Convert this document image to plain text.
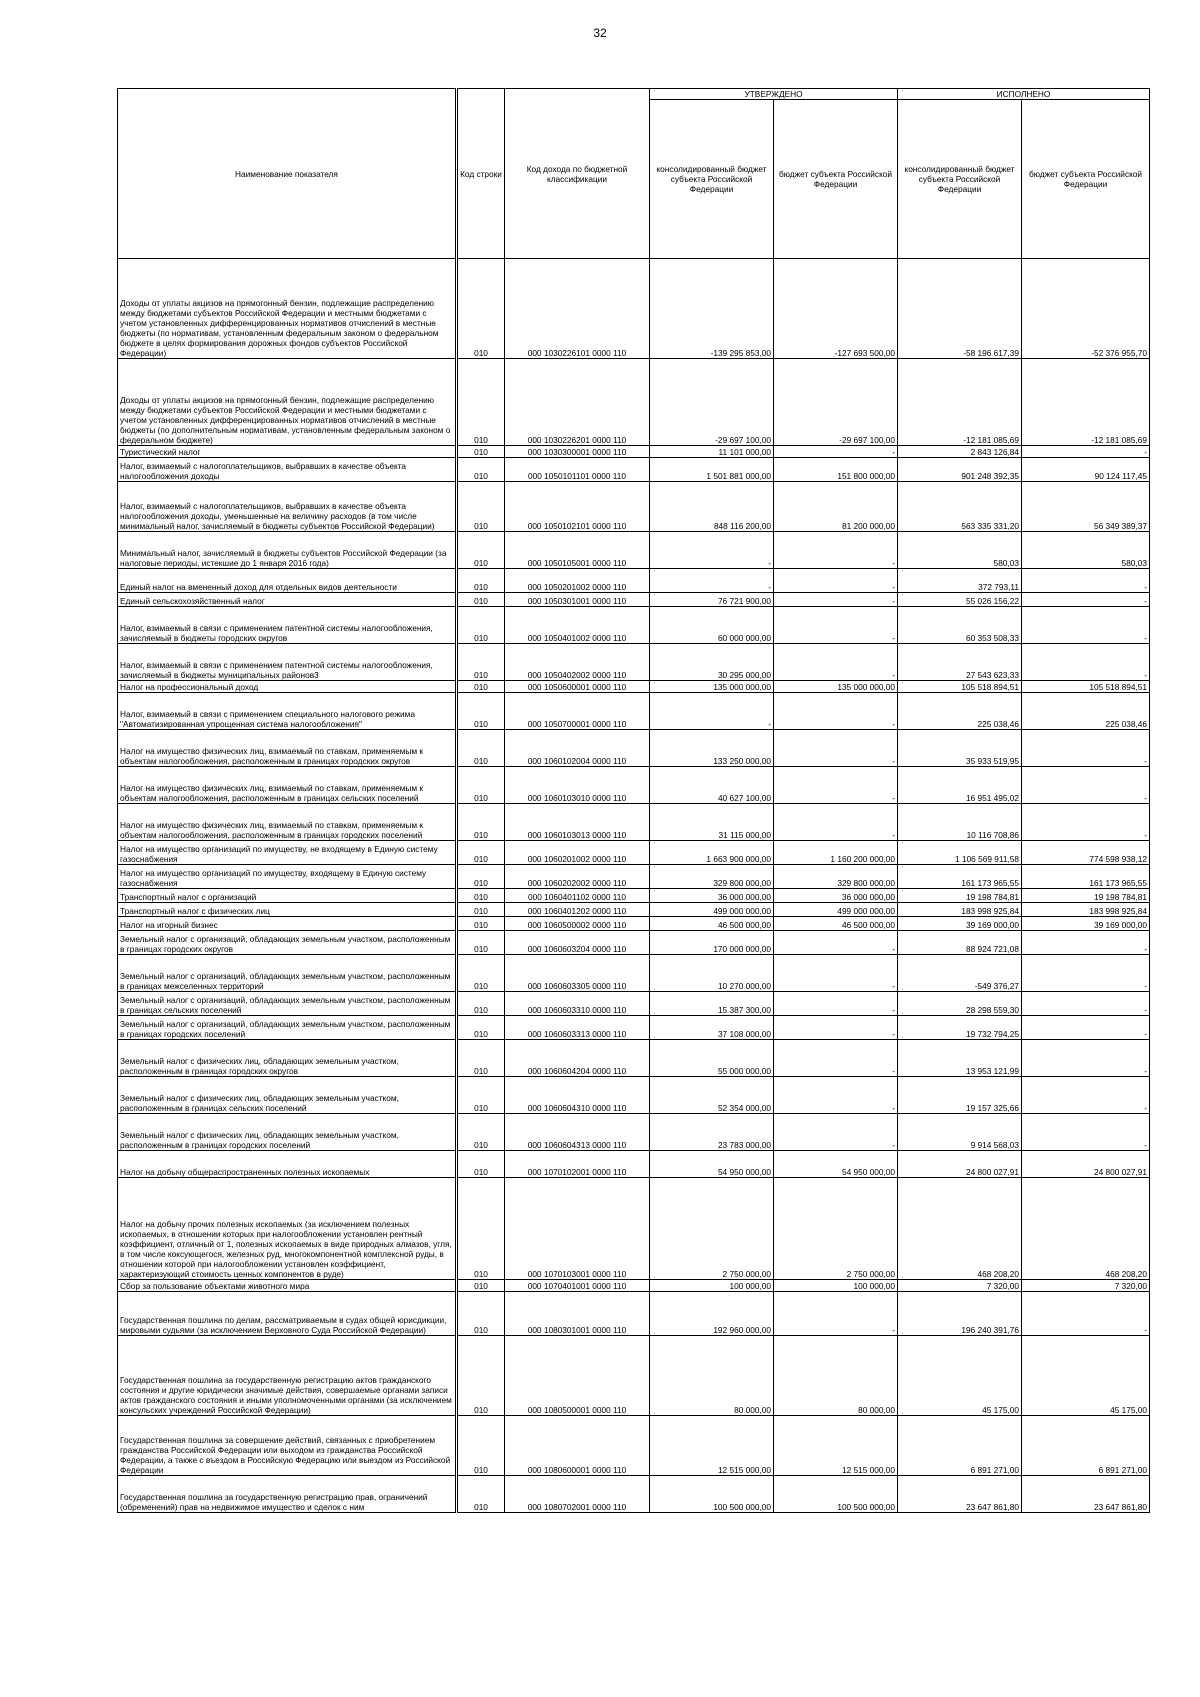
32
Наименование показателя	Код строки	Код дохода по бюджетной классификации	УТВЕРЖДЕНО		ИСПОЛНЕНО	
			консолидированный бюджет субъекта Российской Федерации	бюджет субъекта Российской Федерации	консолидированный бюджет субъекта Российской Федерации	бюджет субъекта Российской Федерации
Доходы от уплаты акцизов на прямогонный бензин, подлежащие распределению между бюджетами субъектов Российской Федерации и местными бюджетами с учетом установленных дифференцированных нормативов отчислений в местные бюджеты (по нормативам, установленным федеральным законом о федеральном бюджете в целях формирования дорожных фондов субъектов Российской Федерации)	010	000 1030226101 0000 110	-139 295 853,00	-127 693 500,00	-58 196 617,39	-52 376 955,70
Доходы от уплаты акцизов на прямогонный бензин, подлежащие распределению между бюджетами субъектов Российской Федерации и местными бюджетами с учетом установленных дифференцированных нормативов отчислений в местные бюджеты (по дополнительным нормативам, установленным федеральным законом о федеральном бюджете)	010	000 1030226201 0000 110	-29 697 100,00	-29 697 100,00	-12 181 085,69	-12 181 085,69
Туристический налог	010	000 1030300001 0000 110	11 101 000,00	-	2 843 126,84	-
Налог, взимаемый с налогоплательщиков, выбравших в качестве объекта налогообложения доходы	010	000 1050101101 0000 110	1 501 881 000,00	151 800 000,00	901 248 392,35	90 124 117,45
Налог, взимаемый с налогоплательщиков, выбравших в качестве объекта налогообложения доходы, уменьшенные на величину расходов (в том числе минимальный налог, зачисляемый в бюджеты субъектов Российской Федерации)	010	000 1050102101 0000 110	848 116 200,00	81 200 000,00	563 335 331,20	56 349 389,37
Минимальный налог, зачисляемый в бюджеты субъектов Российской Федерации (за налоговые периоды, истекшие до 1 января 2016 года)	010	000 1050105001 0000 110	-	-	580,03	580,03
Единый налог на вмененный доход для отдельных видов деятельности	010	000 1050201002 0000 110	-	-	372 793,11	-
Единый сельскохозяйственный налог	010	000 1050301001 0000 110	76 721 900,00	-	55 026 156,22	-
Налог, взимаемый в связи с применением патентной системы налогообложения, зачисляемый в бюджеты городских округов	010	000 1050401002 0000 110	60 000 000,00	-	60 353 508,33	-
Налог, взимаемый в связи с применением патентной системы налогообложения, зачисляемый в бюджеты муниципальных районов3	010	000 1050402002 0000 110	30 295 000,00	-	27 543 623,33	-
Налог на профессиональный доход	010	000 1050600001 0000 110	135 000 000,00	135 000 000,00	105 518 894,51	105 518 894,51
Налог, взимаемый в связи с применением специального налогового режима "Автоматизированная упрощенная система налогообложения"	010	000 1050700001 0000 110	-	-	225 038,46	225 038,46
Налог на имущество физических лиц, взимаемый по ставкам, применяемым к объектам налогообложения, расположенным в границах городских округов	010	000 1060102004 0000 110	133 250 000,00	-	35 933 519,95	-
Налог на имущество физических лиц, взимаемый по ставкам, применяемым к объектам налогообложения, расположенным в границах сельских поселений	010	000 1060103010 0000 110	40 627 100,00	-	16 951 495,02	-
Налог на имущество физических лиц, взимаемый по ставкам, применяемым к объектам налогообложения, расположенным в границах городских поселений	010	000 1060103013 0000 110	31 115 000,00	-	10 116 708,86	-
Налог на имущество организаций по имуществу, не входящему в Единую систему газоснабжения	010	000 1060201002 0000 110	1 663 900 000,00	1 160 200 000,00	1 106 569 911,58	774 598 938,12
Налог на имущество организаций по имуществу, входящему в Единую систему газоснабжения	010	000 1060202002 0000 110	329 800 000,00	329 800 000,00	161 173 965,55	161 173 965,55
Транспортный налог с организаций	010	000 1060401102 0000 110	36 000 000,00	36 000 000,00	19 198 784,81	19 198 784,81
Транспортный налог с физических лиц	010	000 1060401202 0000 110	499 000 000,00	499 000 000,00	183 998 925,84	183 998 925,84
Налог на игорный бизнес	010	000 1060500002 0000 110	46 500 000,00	46 500 000,00	39 169 000,00	39 169 000,00
Земельный налог с организаций, обладающих земельным участком, расположенным в границах городских округов	010	000 1060603204 0000 110	170 000 000,00	-	88 924 721,08	-
Земельный налог с организаций, обладающих земельным участком, расположенным в границах межселенных территорий	010	000 1060603305 0000 110	10 270 000,00	-	-549 376,27	-
Земельный налог с организаций, обладающих земельным участком, расположенным в границах сельских поселений	010	000 1060603310 0000 110	15 387 300,00	-	28 298 559,30	-
Земельный налог с организаций, обладающих земельным участком, расположенным в границах городских поселений	010	000 1060603313 0000 110	37 108 000,00	-	19 732 794,25	-
Земельный налог с физических лиц, обладающих земельным участком, расположенным в границах городских округов	010	000 1060604204 0000 110	55 000 000,00	-	13 953 121,99	-
Земельный налог с физических лиц, обладающих земельным участком, расположенным в границах сельских поселений	010	000 1060604310 0000 110	52 354 000,00	-	19 157 325,66	-
Земельный налог с физических лиц, обладающих земельным участком, расположенным в границах городских поселений	010	000 1060604313 0000 110	23 783 000,00	-	9 914 568,03	-
Налог на добычу общераспространенных полезных ископаемых	010	000 1070102001 0000 110	54 950 000,00	54 950 000,00	24 800 027,91	24 800 027,91
Налог на добычу прочих полезных ископаемых (за исключением полезных ископаемых, в отношении которых при налогообложении установлен рентный коэффициент, отличный от 1, полезных ископаемых в виде природных алмазов, угля, в том числе коксующегося, железных руд, многокомпонентной комплексной руды, в отношении которой при налогообложении установлен коэффициент, характеризующий стоимость ценных компонентов в руде)	010	000 1070103001 0000 110	2 750 000,00	2 750 000,00	468 208,20	468 208,20
Сбор за пользование объектами животного мира	010	000 1070401001 0000 110	100 000,00	100 000,00	7 320,00	7 320,00
Государственная пошлина по делам, рассматриваемым в судах общей юрисдикции, мировыми судьями (за исключением Верховного Суда Российской Федерации)	010	000 1080301001 0000 110	192 960 000,00	-	196 240 391,76	-
Государственная пошлина за государственную регистрацию актов гражданского состояния и другие юридически значимые действия, совершаемые органами записи актов гражданского состояния и иными уполномоченными органами (за исключением консульских учреждений Российской Федерации)	010	000 1080500001 0000 110	80 000,00	80 000,00	45 175,00	45 175,00
Государственная пошлина за совершение действий, связанных с приобретением гражданства Российской Федерации или выходом из гражданства Российской Федерации, а также с въездом в Российскую Федерацию или выездом из Российской Федерации	010	000 1080600001 0000 110	12 515 000,00	12 515 000,00	6 891 271,00	6 891 271,00
Государственная пошлина за государственную регистрацию прав, ограничений (обременений) прав на недвижимое имущество и сделок с ним	010	000 1080702001 0000 110	100 500 000,00	100 500 000,00	23 647 861,80	23 647 861,80
